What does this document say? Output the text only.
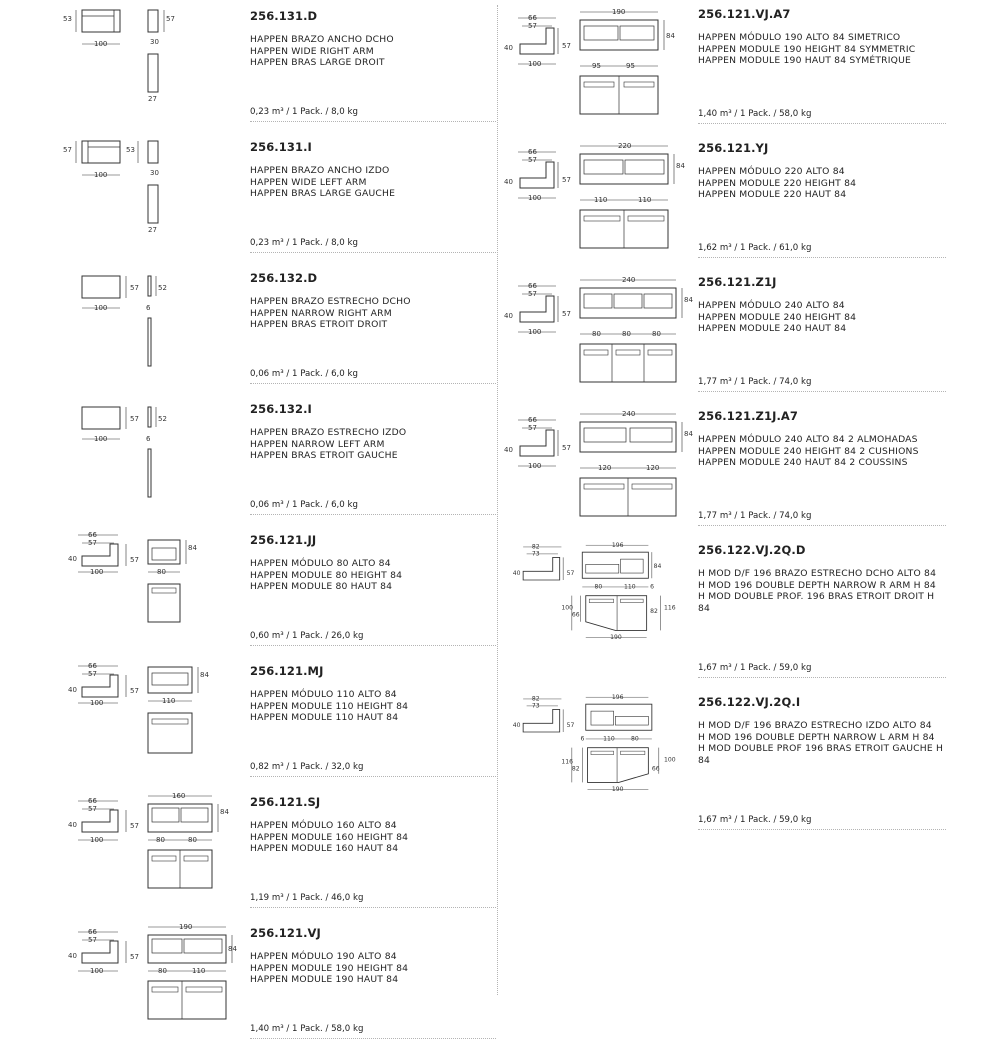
53
100
57
30
27
256.131.D
HAPPEN BRAZO ANCHO DCHO
HAPPEN WIDE RIGHT ARM
HAPPEN BRAS LARGE DROIT
0,23 m³ / 1 Pack. / 8,0 kg
57
100
53
30
27
256.131.I
HAPPEN BRAZO ANCHO IZDO
HAPPEN WIDE LEFT ARM
HAPPEN BRAS LARGE GAUCHE
0,23 m³ / 1 Pack. / 8,0 kg
57
100
52
6
256.132.D
HAPPEN BRAZO ESTRECHO DCHO
HAPPEN NARROW RIGHT ARM
HAPPEN BRAS ETROIT DROIT
0,06 m³ / 1 Pack. / 6,0 kg
57
100
52
6
256.132.I
HAPPEN BRAZO ESTRECHO IZDO
HAPPEN NARROW LEFT ARM
HAPPEN BRAS ETROIT GAUCHE
0,06 m³ / 1 Pack. / 6,0 kg
66
57
40	57
100
84
80
256.121.JJ
HAPPEN MÓDULO 80 ALTO 84
HAPPEN MODULE 80 HEIGHT 84
HAPPEN MODULE 80 HAUT 84
0,60 m³ / 1 Pack. / 26,0 kg
66
57
40	57
100
84
110
256.121.MJ
HAPPEN MÓDULO 110 ALTO 84
HAPPEN MODULE 110 HEIGHT 84
HAPPEN MODULE 110 HAUT 84
0,82 m³ / 1 Pack. / 32,0 kg
66
57
40	57
100
160
84
80	80
256.121.SJ
HAPPEN MÓDULO 160 ALTO 84
HAPPEN MODULE 160 HEIGHT 84
HAPPEN MODULE 160 HAUT 84
1,19 m³ / 1 Pack. / 46,0 kg
66
57
40	57
100
190
84
80	110
256.121.VJ
HAPPEN MÓDULO 190 ALTO 84
HAPPEN MODULE 190 HEIGHT 84
HAPPEN MODULE 190 HAUT 84
1,40 m³ / 1 Pack. / 58,0 kg
66
57
40	57
100
190
84
95	95
256.121.VJ.A7
HAPPEN MÓDULO 190 ALTO 84 SIMETRICO
HAPPEN MODULE 190 HEIGHT 84 SYMMETRIC
HAPPEN MODULE 190 HAUT 84 SYMÉTRIQUE
1,40 m³ / 1 Pack. / 58,0 kg
66
57
40	57
100
220
84
110	110
256.121.YJ
HAPPEN MÓDULO 220 ALTO 84
HAPPEN MODULE 220 HEIGHT 84
HAPPEN MODULE 220 HAUT 84
1,62 m³ / 1 Pack. / 61,0 kg
66
57
40	57
100
240
84
80	80	80
256.121.Z1J
HAPPEN MÓDULO 240 ALTO 84
HAPPEN MODULE 240 HEIGHT 84
HAPPEN MODULE 240 HAUT 84
1,77 m³ / 1 Pack. / 74,0 kg
66
57
40	57
100
240
84
120	120
256.121.Z1J.A7
HAPPEN MÓDULO 240 ALTO 84 2 ALMOHADAS
HAPPEN MODULE 240 HEIGHT 84 2 CUSHIONS
HAPPEN MODULE 240 HAUT 84 2 COUSSINS
1,77 m³ / 1 Pack. / 74,0 kg
82
73
40	57
196
84
80	110 6
100
66	82 116
190
256.122.VJ.2Q.D
H MOD D/F 196 BRAZO ESTRECHO DCHO ALTO 84
H MOD 196 DOUBLE DEPTH NARROW R ARM H 84
H MOD DOUBLE PROF. 196 BRAS ETROIT DROIT H 84
1,67 m³ / 1 Pack. / 59,0 kg
82
73
40	57
196
6	110 80
116
82	66
100
190
256.122.VJ.2Q.I
H MOD D/F 196 BRAZO ESTRECHO IZDO ALTO 84
H MOD 196 DOUBLE DEPTH NARROW L ARM H 84
H MOD DOUBLE PROF 196 BRAS ETROIT GAUCHE H 84
1,67 m³ / 1 Pack. / 59,0 kg
